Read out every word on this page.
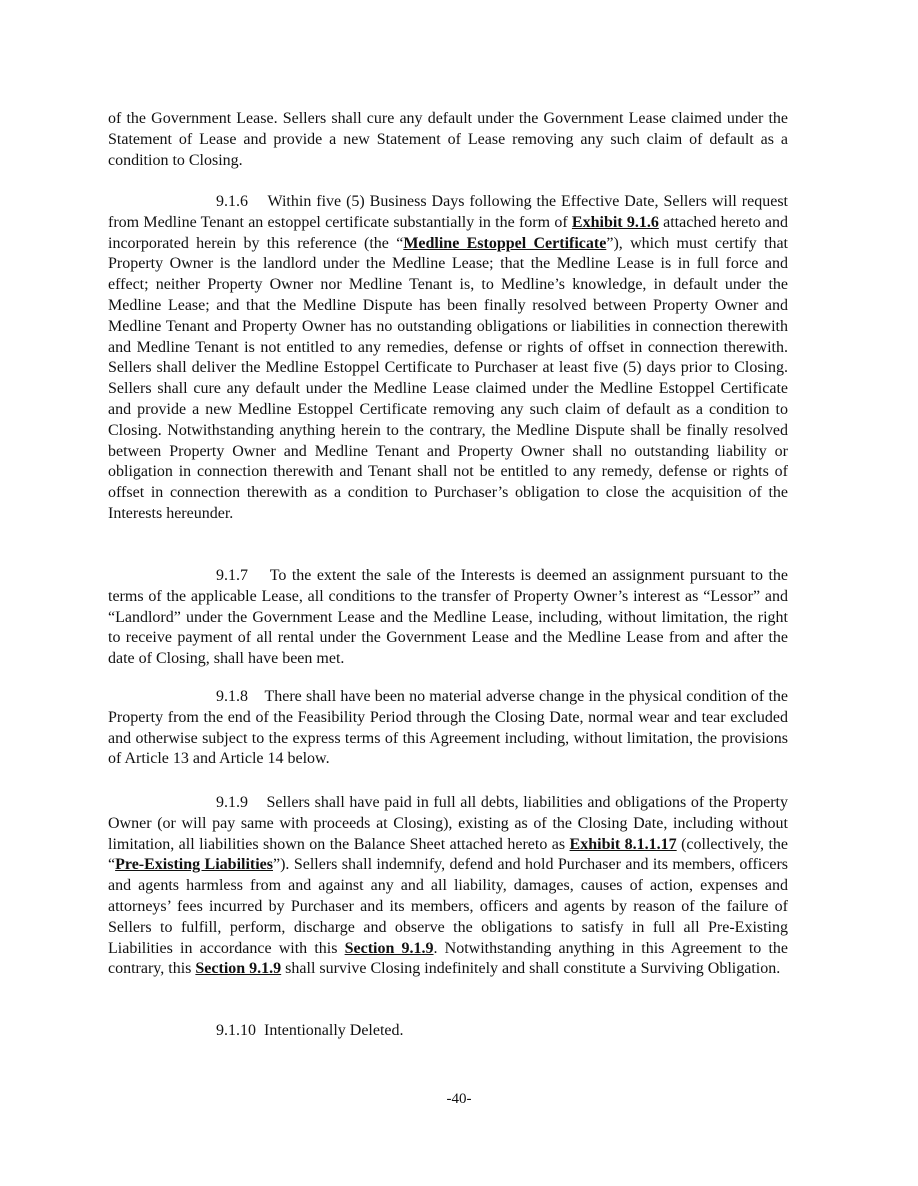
of the Government Lease. Sellers shall cure any default under the Government Lease claimed under the Statement of Lease and provide a new Statement of Lease removing any such claim of default as a condition to Closing.

9.1.6 Within five (5) Business Days following the Effective Date, Sellers will request from Medline Tenant an estoppel certificate substantially in the form of Exhibit 9.1.6 attached hereto and incorporated herein by this reference (the “Medline Estoppel Certificate”), which must certify that Property Owner is the landlord under the Medline Lease; that the Medline Lease is in full force and effect; neither Property Owner nor Medline Tenant is, to Medline’s knowledge, in default under the Medline Lease; and that the Medline Dispute has been finally resolved between Property Owner and Medline Tenant and Property Owner has no outstanding obligations or liabilities in connection therewith and Medline Tenant is not entitled to any remedies, defense or rights of offset in connection therewith. Sellers shall deliver the Medline Estoppel Certificate to Purchaser at least five (5) days prior to Closing. Sellers shall cure any default under the Medline Lease claimed under the Medline Estoppel Certificate and provide a new Medline Estoppel Certificate removing any such claim of default as a condition to Closing. Notwithstanding anything herein to the contrary, the Medline Dispute shall be finally resolved between Property Owner and Medline Tenant and Property Owner shall no outstanding liability or obligation in connection therewith and Tenant shall not be entitled to any remedy, defense or rights of offset in connection therewith as a condition to Purchaser’s obligation to close the acquisition of the Interests hereunder.

9.1.7 To the extent the sale of the Interests is deemed an assignment pursuant to the terms of the applicable Lease, all conditions to the transfer of Property Owner’s interest as “Lessor” and “Landlord” under the Government Lease and the Medline Lease, including, without limitation, the right to receive payment of all rental under the Government Lease and the Medline Lease from and after the date of Closing, shall have been met.

9.1.8 There shall have been no material adverse change in the physical condition of the Property from the end of the Feasibility Period through the Closing Date, normal wear and tear excluded and otherwise subject to the express terms of this Agreement including, without limitation, the provisions of Article 13 and Article 14 below.

9.1.9 Sellers shall have paid in full all debts, liabilities and obligations of the Property Owner (or will pay same with proceeds at Closing), existing as of the Closing Date, including without limitation, all liabilities shown on the Balance Sheet attached hereto as Exhibit 8.1.1.17 (collectively, the “Pre-Existing Liabilities”). Sellers shall indemnify, defend and hold Purchaser and its members, officers and agents harmless from and against any and all liability, damages, causes of action, expenses and attorneys’ fees incurred by Purchaser and its members, officers and agents by reason of the failure of Sellers to fulfill, perform, discharge and observe the obligations to satisfy in full all Pre-Existing Liabilities in accordance with this Section 9.1.9. Notwithstanding anything in this Agreement to the contrary, this Section 9.1.9 shall survive Closing indefinitely and shall constitute a Surviving Obligation.

9.1.10 Intentionally Deleted.

-40-
